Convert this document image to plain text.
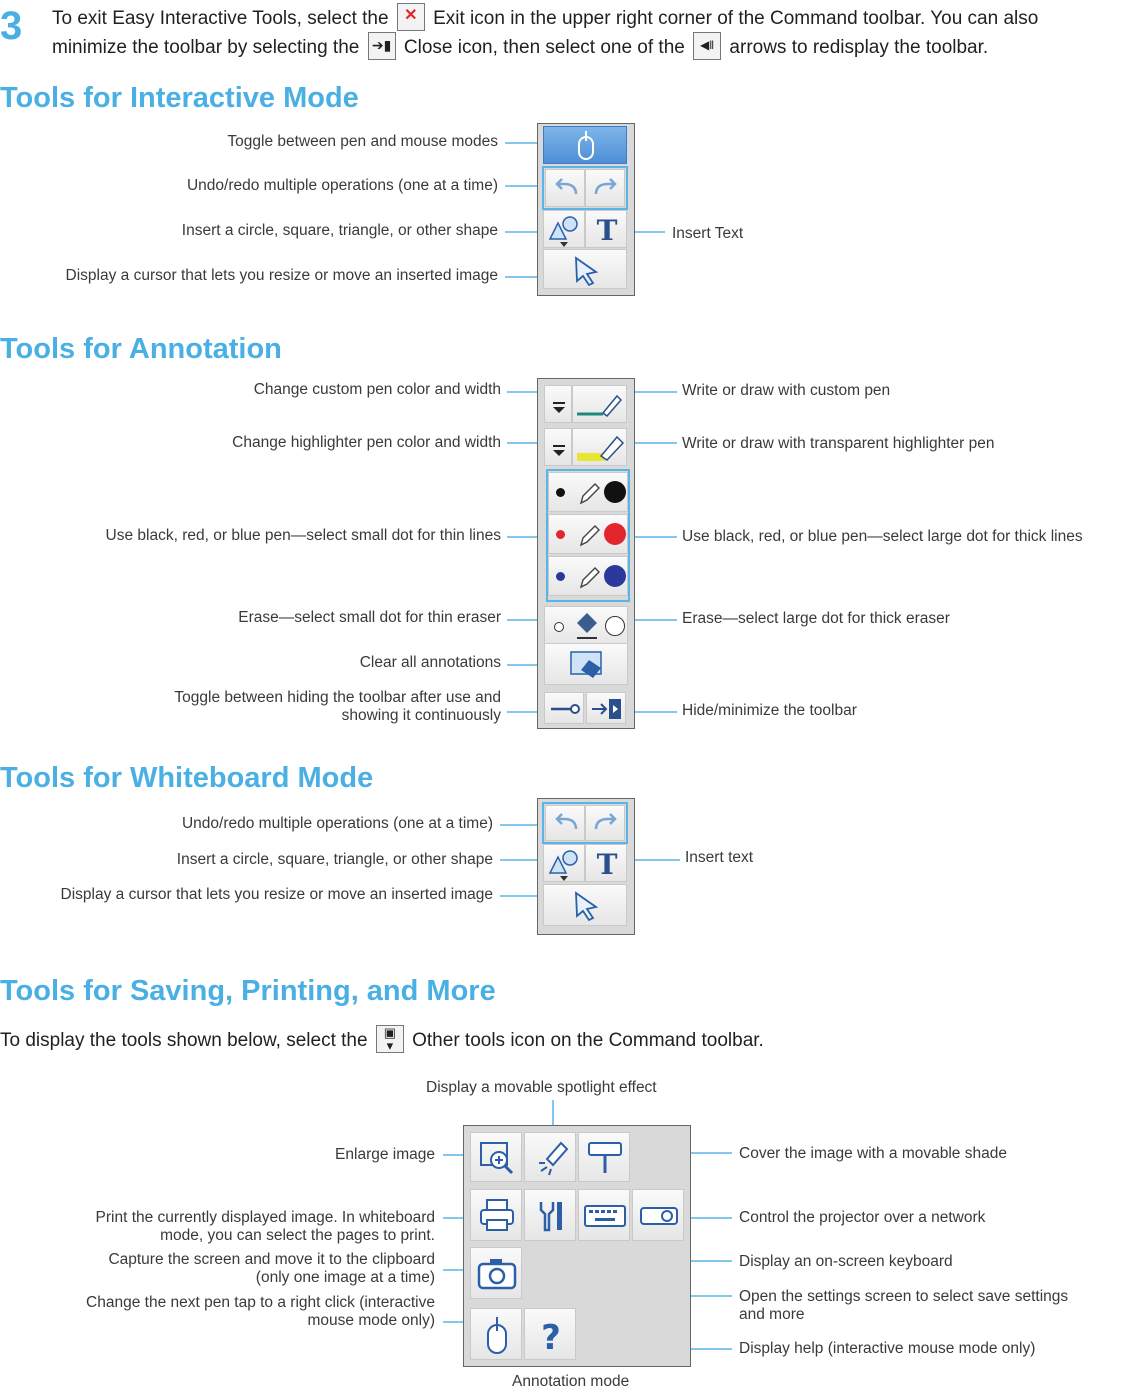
3 To exit Easy Interactive Tools, select the ✕ Exit icon in the upper right corner of the Command toolbar. You can also
minimize the toolbar by selecting the ➔▮ Close icon, then select one of the ◀‖ arrows to redisplay the toolbar.
Tools for Interactive Mode
Toggle between pen and mouse modes
Undo/redo multiple operations (one at a time)
Insert a circle, square, triangle, or other shape
Display a cursor that lets you resize or move an inserted image
Insert Text
T
Tools for Annotation
Change custom pen color and width	Write or draw with custom pen
Change highlighter pen color and width	Write or draw with transparent highlighter pen
Use black, red, or blue pen—select small dot for thin lines	Use black, red, or blue pen—select large dot for thick lines
Erase—select small dot for thin eraser	Erase—select large dot for thick eraser
Clear all annotations
Toggle between hiding the toolbar after use and
showing it continuously	Hide/minimize the toolbar
Tools for Whiteboard Mode
Undo/redo multiple operations (one at a time)
Insert a circle, square, triangle, or other shape
Display a cursor that lets you resize or move an inserted image
Insert text
T
Tools for Saving, Printing, and More
To display the tools shown below, select the ▣
▾ Other tools icon on the Command toolbar.
Display a movable spotlight effect
Enlarge image	Cover the image with a movable shade
Print the currently displayed image. In whiteboard
mode, you can select the pages to print.
Control the projector over a network
Display an on-screen keyboard
Capture the screen and move it to the clipboard
(only one image at a time)
Open the settings screen to select save settings
and more
Change the next pen tap to a right click (interactive
mouse mode only)
Display help (interactive mouse mode only)
Annotation mode
?
